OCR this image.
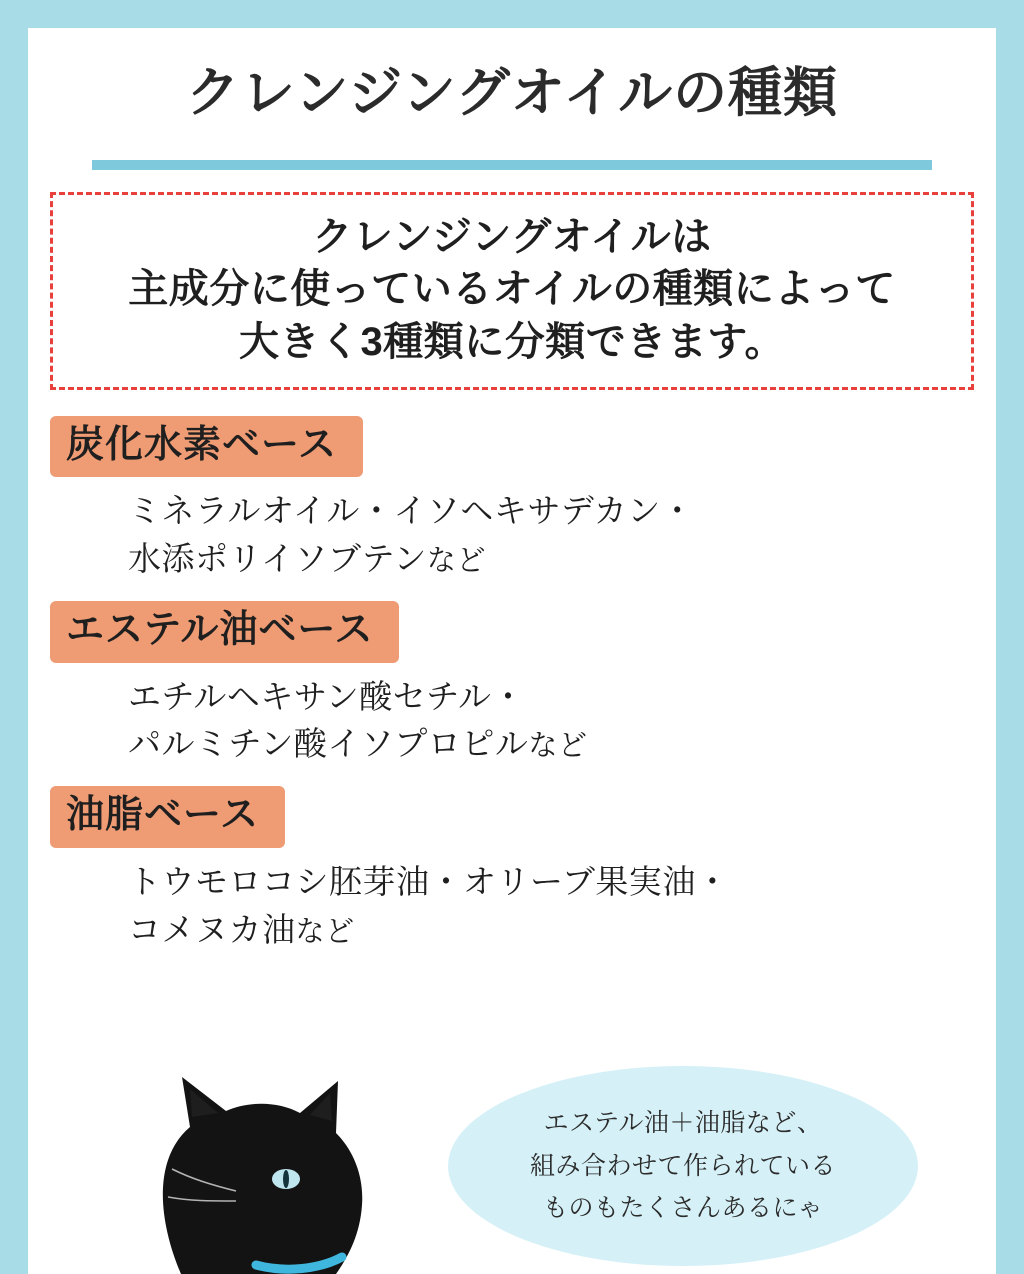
クレンジングオイルの種類
クレンジングオイルは
主成分に使っているオイルの種類によって
大きく3種類に分類できます。
炭化水素ベース
ミネラルオイル・イソヘキサデカン・
水添ポリイソブテンなど
エステル油ベース
エチルヘキサン酸セチル・
パルミチン酸イソプロピルなど
油脂ベース
トウモロコシ胚芽油・オリーブ果実油・
コメヌカ油など
エステル油＋油脂など、
組み合わせて作られている
ものもたくさんあるにゃ
